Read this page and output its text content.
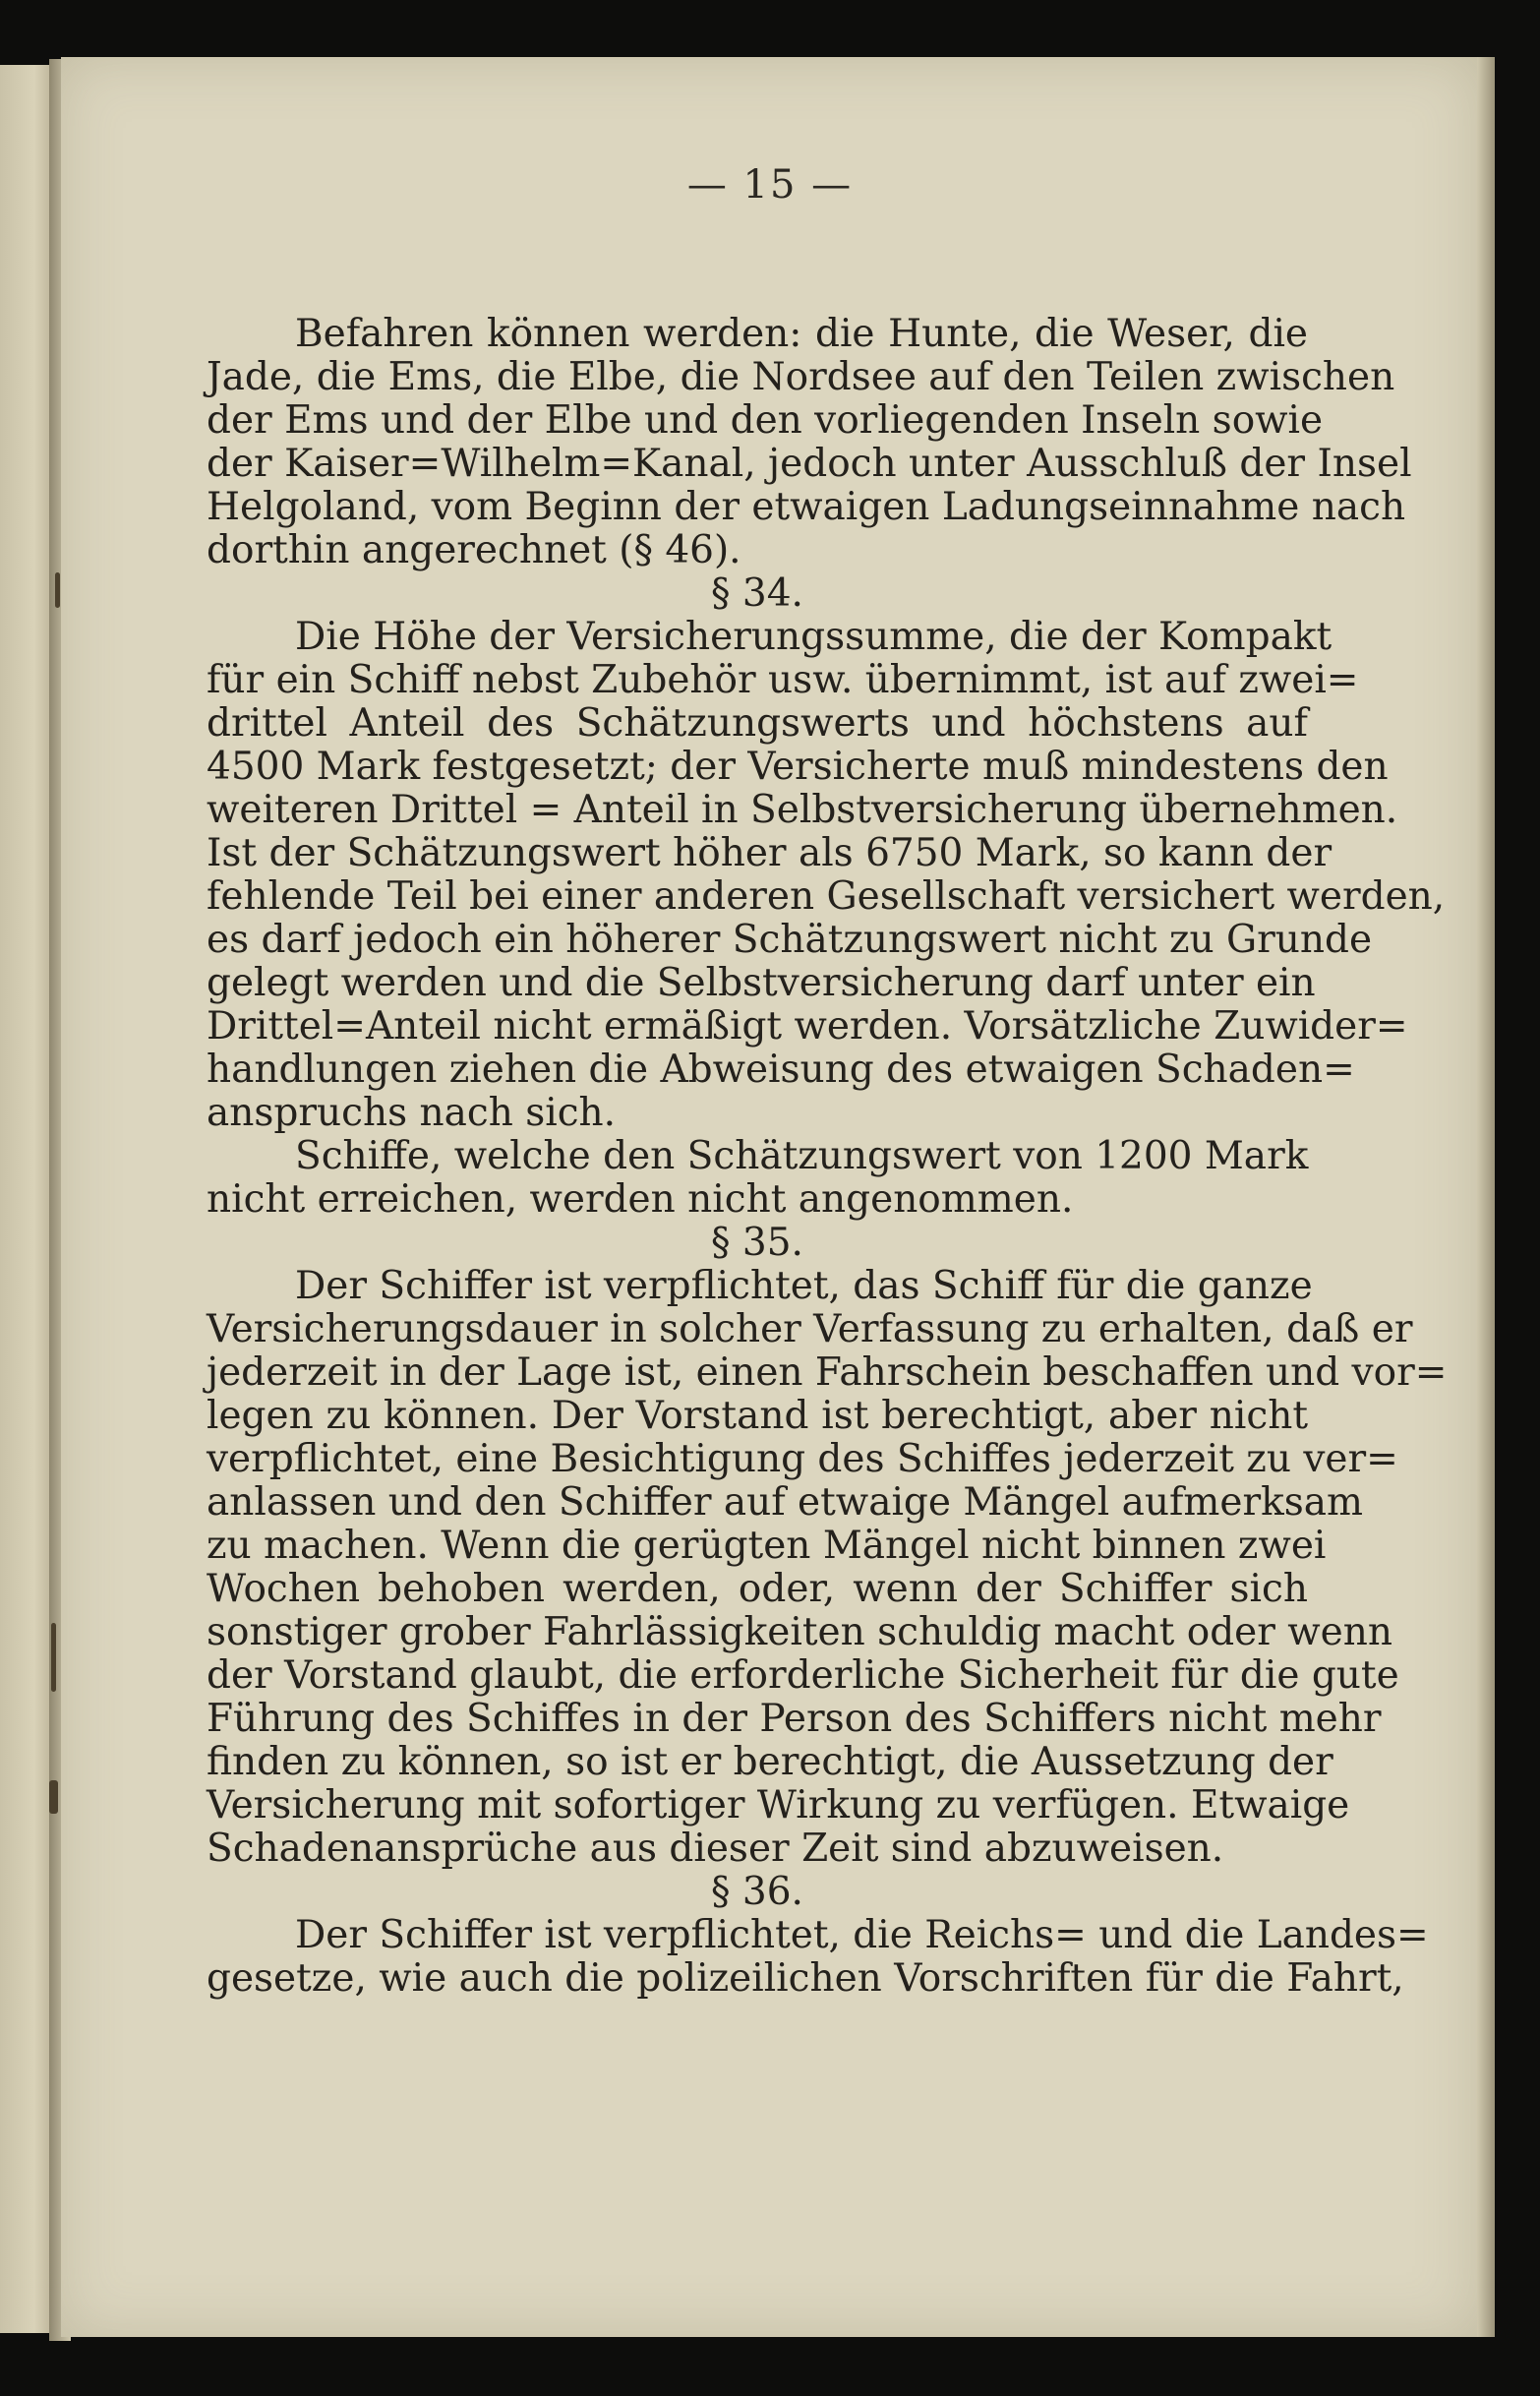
— 15 —
Befahren können werden: die Hunte, die Weser, die
Jade, die Ems, die Elbe, die Nordsee auf den Teilen zwischen
der Ems und der Elbe und den vorliegenden Inseln sowie
der Kaiser=Wilhelm=Kanal, jedoch unter Ausschluß der Insel
Helgoland, vom Beginn der etwaigen Ladungseinnahme nach
dorthin angerechnet (§ 46).
§ 34.
Die Höhe der Versicherungssumme, die der Kompakt
für ein Schiff nebst Zubehör usw. übernimmt, ist auf zwei=
drittel Anteil des Schätzungswerts und höchstens auf
4500 Mark festgesetzt; der Versicherte muß mindestens den
weiteren Drittel = Anteil in Selbstversicherung übernehmen.
Ist der Schätzungswert höher als 6750 Mark, so kann der
fehlende Teil bei einer anderen Gesellschaft versichert werden,
es darf jedoch ein höherer Schätzungswert nicht zu Grunde
gelegt werden und die Selbstversicherung darf unter ein
Drittel=Anteil nicht ermäßigt werden. Vorsätzliche Zuwider=
handlungen ziehen die Abweisung des etwaigen Schaden=
anspruchs nach sich.
Schiffe, welche den Schätzungswert von 1200 Mark
nicht erreichen, werden nicht angenommen.
§ 35.
Der Schiffer ist verpflichtet, das Schiff für die ganze
Versicherungsdauer in solcher Verfassung zu erhalten, daß er
jederzeit in der Lage ist, einen Fahrschein beschaffen und vor=
legen zu können. Der Vorstand ist berechtigt, aber nicht
verpflichtet, eine Besichtigung des Schiffes jederzeit zu ver=
anlassen und den Schiffer auf etwaige Mängel aufmerksam
zu machen. Wenn die gerügten Mängel nicht binnen zwei
Wochen behoben werden, oder, wenn der Schiffer sich
sonstiger grober Fahrlässigkeiten schuldig macht oder wenn
der Vorstand glaubt, die erforderliche Sicherheit für die gute
Führung des Schiffes in der Person des Schiffers nicht mehr
finden zu können, so ist er berechtigt, die Aussetzung der
Versicherung mit sofortiger Wirkung zu verfügen. Etwaige
Schadenansprüche aus dieser Zeit sind abzuweisen.
§ 36.
Der Schiffer ist verpflichtet, die Reichs= und die Landes=
gesetze, wie auch die polizeilichen Vorschriften für die Fahrt,
